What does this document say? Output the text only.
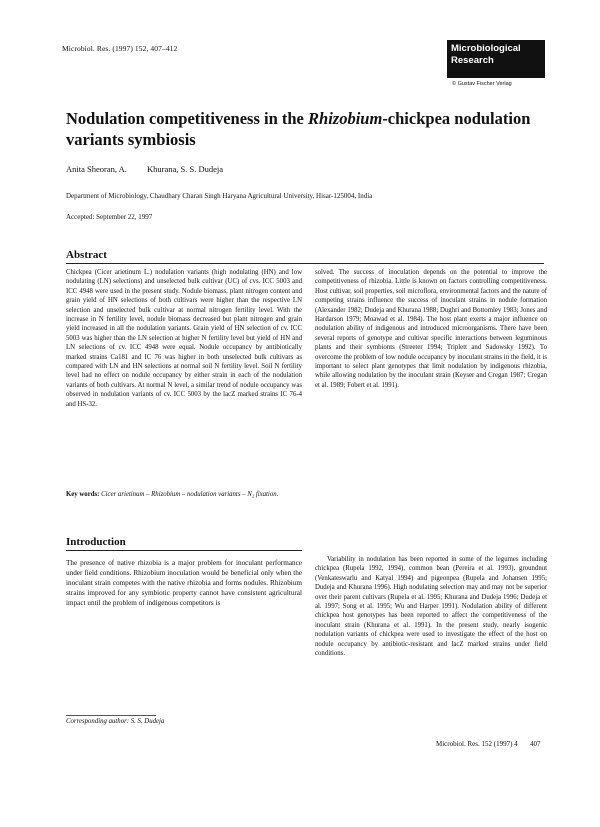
Microbiol. Res. (1997) 152, 407–412	Microbiological
Research
© Gustav Fischer Verlag
Nodulation competitiveness in the Rhizobium-chickpea nodulation variants symbiosis
Anita Sheoran, A. Khurana, S. S. Dudeja
Department of Microbiology, Chaudhary Charan Singh Haryana Agricultural University, Hisar-125004, India
Accepted: September 22, 1997
Abstract
Chickpea (Cicer arietinum L.) nodulation variants (high nodulating (HN) and low nodulating (LN) selections) and unselected bulk cultivar (UC) of cvs. ICC 5003 and ICC 4948 were used in the present study. Nodule biomass, plant nitrogen content and grain yield of HN selections of both cultivars were higher than the respective LN selection and unselected bulk cultivar at normal nitrogen fertility level. With the increase in N fertility level, nodule biomass decreased but plant nitrogen and grain yield increased in all the nodulation variants. Grain yield of HN selection of cv. ICC 5003 was higher than the LN selection at higher N fertility level but yield of HN and LN selections of cv. ICC 4948 were equal. Nodule occupancy by antibiotically marked strains Ca181 and IC 76 was higher in both unselected bulk cultivars as compared with LN and HN selections at normal soil N fertility level. Soil N fertility level had no effect on nodule occupancy by either strain in each of the nodulation variants of both cultivars. At normal N level, a similar trend of nodule occupancy was observed in nodulation variants of cv. ICC 5003 by the lacZ marked strains IC 76-4 and HS-32.
Key words: Cicer arietinum – Rhizobium – nodulation variants – N₂ fixation.
Introduction
The presence of native rhizobia is a major problem for inoculant performance under field conditions. Rhizobium inoculation would be beneficial only when the inoculant strain competes with the native rhizobia and forms nodules. Rhizobium strains improved for any symbiotic property cannot have consistent agricultural impact until the problem of indigenous competitors is
Corresponding author: S. S. Dudeja
solved. The success of inoculation depends on the potential to improve the competitiveness of rhizobia. Little is known on factors controlling competitiveness. Host cultivar, soil properties, soil microflora, environmental factors and the nature of competing strains influence the success of inoculant strains in nodule formation (Alexander 1982; Dudeja and Khurana 1988; Dughri and Bottomley 1983; Jones and Hardarson 1979; Moawad et al. 1984). The host plant exerts a major influence on nodulation ability of indigenous and introduced microorganisms. There have been several reports of genotype and cultivar specific interactions between leguminous plants and their symbionts (Streeter 1994; Triplett and Sadowsky 1992). To overcome the problem of low nodule occupancy by inoculant strains in the field, it is important to select plant genotypes that limit nodulation by indigenous rhizobia, while allowing nodulation by the inoculant strain (Keyser and Cregan 1987; Cregan et al. 1989; Fobert et al. 1991).
Variability in nodulation has been reported in some of the legumes including chickpea (Rupela 1992, 1994), common bean (Pereira et al. 1993), groundnut (Venkateswarlu and Katyal 1994) and pigeonpea (Rupela and Johansen 1995; Dudeja and Khurana 1996). High nodulating selection may and may not be superior over their parent cultivars (Rupela et al. 1995; Khurana and Dudeja 1996; Dudeja et al. 1997; Song et al. 1995; Wu and Harper 1991). Nodulation ability of different chickpea host genotypes has been reported to affect the competitiveness of the inoculant strain (Khurana et al. 1991). In the present study, nearly isogenic nodulation variants of chickpea were used to investigate the effect of the host on nodule occupancy by antibiotic-resistant and lacZ marked strains under field conditions.
Microbiol. Res. 152 (1997) 4 407
